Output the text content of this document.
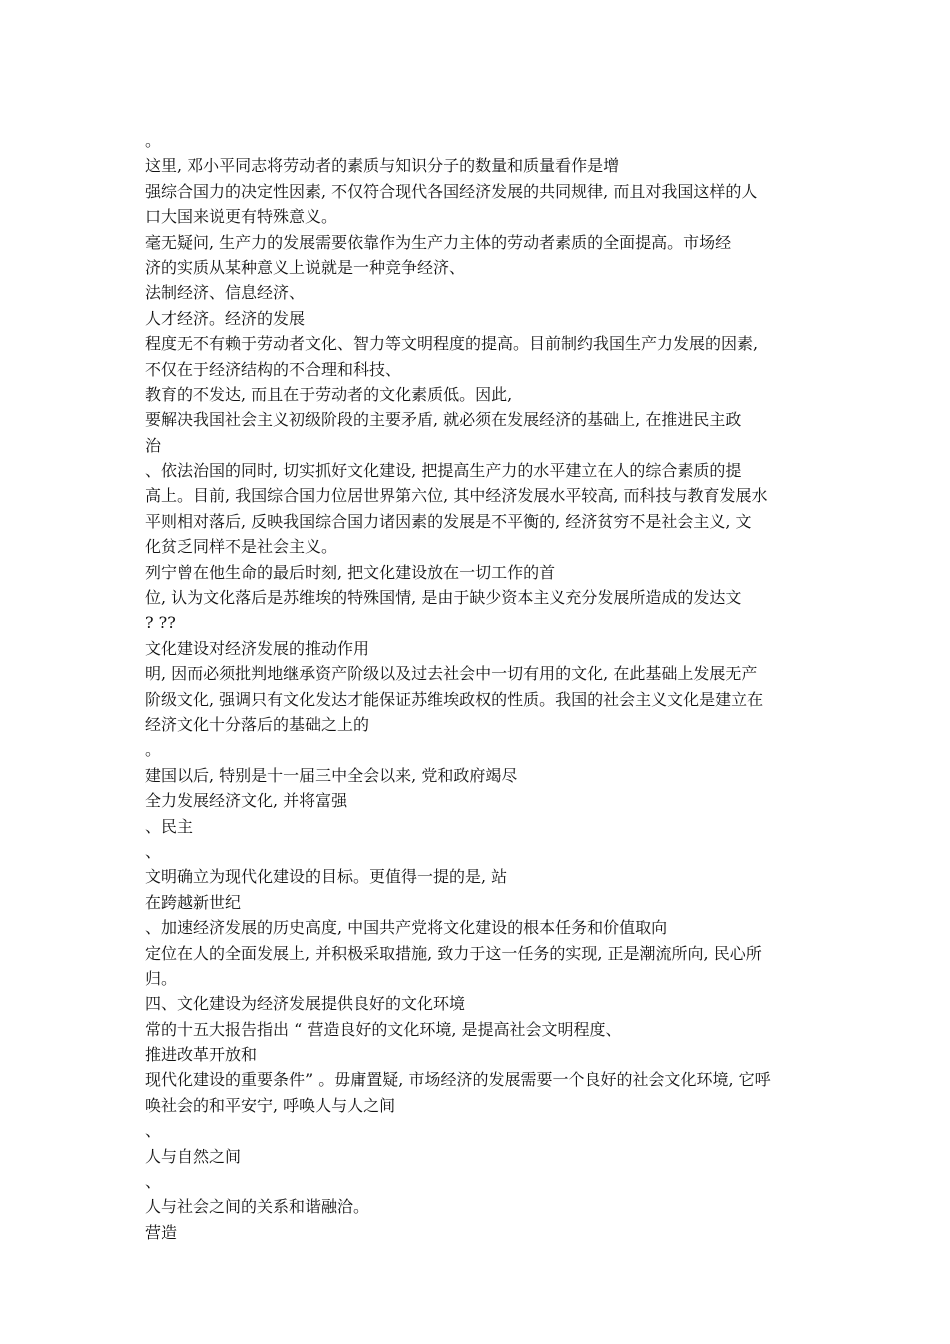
。
这里, 邓小平同志将劳动者的素质与知识分子的数量和质量看作是增
强综合国力的决定性因素, 不仅符合现代各国经济发展的共同规律, 而且对我国这样的人
口大国来说更有特殊意义。
毫无疑问, 生产力的发展需要依靠作为生产力主体的劳动者素质的全面提高。市场经
济的实质从某种意义上说就是一种竞争经济、
法制经济、信息经济、
人才经济。经济的发展
程度无不有赖于劳动者文化、智力等文明程度的提高。目前制约我国生产力发展的因素,
不仅在于经济结构的不合理和科技、
教育的不发达, 而且在于劳动者的文化素质低。因此,
要解决我国社会主义初级阶段的主要矛盾, 就必须在发展经济的基础上, 在推进民主政
治
、依法治国的同时, 切实抓好文化建设, 把提高生产力的水平建立在人的综合素质的提
高上。目前, 我国综合国力位居世界第六位, 其中经济发展水平较高, 而科技与教育发展水
平则相对落后, 反映我国综合国力诸因素的发展是不平衡的, 经济贫穷不是社会主义, 文
化贫乏同样不是社会主义。
列宁曾在他生命的最后时刻, 把文化建设放在一切工作的首
位, 认为文化落后是苏维埃的特殊国情, 是由于缺少资本主义充分发展所造成的发达文
? ??
文化建设对经济发展的推动作用
明, 因而必须批判地继承资产阶级以及过去社会中一切有用的文化, 在此基础上发展无产
阶级文化, 强调只有文化发达才能保证苏维埃政权的性质。我国的社会主义文化是建立在
经济文化十分落后的基础之上的
。
建国以后, 特别是十一届三中全会以来, 党和政府竭尽
全力发展经济文化, 并将富强
、民主
、
文明确立为现代化建设的目标。更值得一提的是, 站
在跨越新世纪
、加速经济发展的历史高度, 中国共产党将文化建设的根本任务和价值取向
定位在人的全面发展上, 并积极采取措施, 致力于这一任务的实现, 正是潮流所向, 民心所
归。
四、文化建设为经济发展提供良好的文化环境
常的十五大报告指出 “ 营造良好的文化环境, 是提高社会文明程度、
推进改革开放和
现代化建设的重要条件” 。毋庸置疑, 市场经济的发展需要一个良好的社会文化环境, 它呼
唤社会的和平安宁, 呼唤人与人之间
、
人与自然之间
、
人与社会之间的关系和谐融洽。
营造
